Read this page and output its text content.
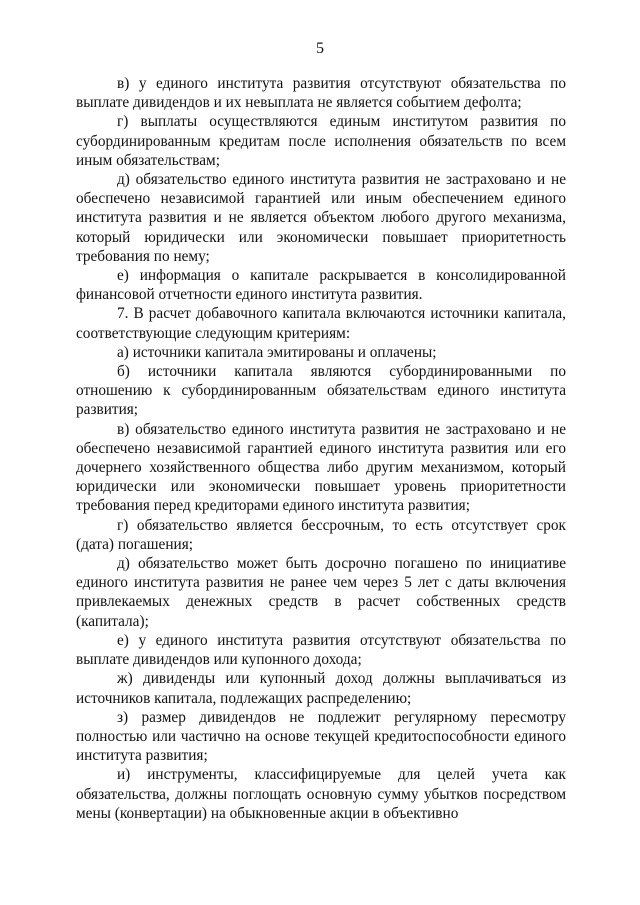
5

в) у единого института развития отсутствуют обязательства по выплате дивидендов и их невыплата не является событием дефолта;

г) выплаты осуществляются единым институтом развития по субординированным кредитам после исполнения обязательств по всем иным обязательствам;

д) обязательство единого института развития не застраховано и не обеспечено независимой гарантией или иным обеспечением единого института развития и не является объектом любого другого механизма, который юридически или экономически повышает приоритетность требования по нему;

е) информация о капитале раскрывается в консолидированной финансовой отчетности единого института развития.

7. В расчет добавочного капитала включаются источники капитала, соответствующие следующим критериям:

а) источники капитала эмитированы и оплачены;

б) источники капитала являются субординированными по отношению к субординированным обязательствам единого института развития;

в) обязательство единого института развития не застраховано и не обеспечено независимой гарантией единого института развития или его дочернего хозяйственного общества либо другим механизмом, который юридически или экономически повышает уровень приоритетности требования перед кредиторами единого института развития;

г) обязательство является бессрочным, то есть отсутствует срок (дата) погашения;

д) обязательство может быть досрочно погашено по инициативе единого института развития не ранее чем через 5 лет с даты включения привлекаемых денежных средств в расчет собственных средств (капитала);

е) у единого института развития отсутствуют обязательства по выплате дивидендов или купонного дохода;

ж) дивиденды или купонный доход должны выплачиваться из источников капитала, подлежащих распределению;

з) размер дивидендов не подлежит регулярному пересмотру полностью или частично на основе текущей кредитоспособности единого института развития;

и) инструменты, классифицируемые для целей учета как обязательства, должны поглощать основную сумму убытков посредством мены (конвертации) на обыкновенные акции в объективно
